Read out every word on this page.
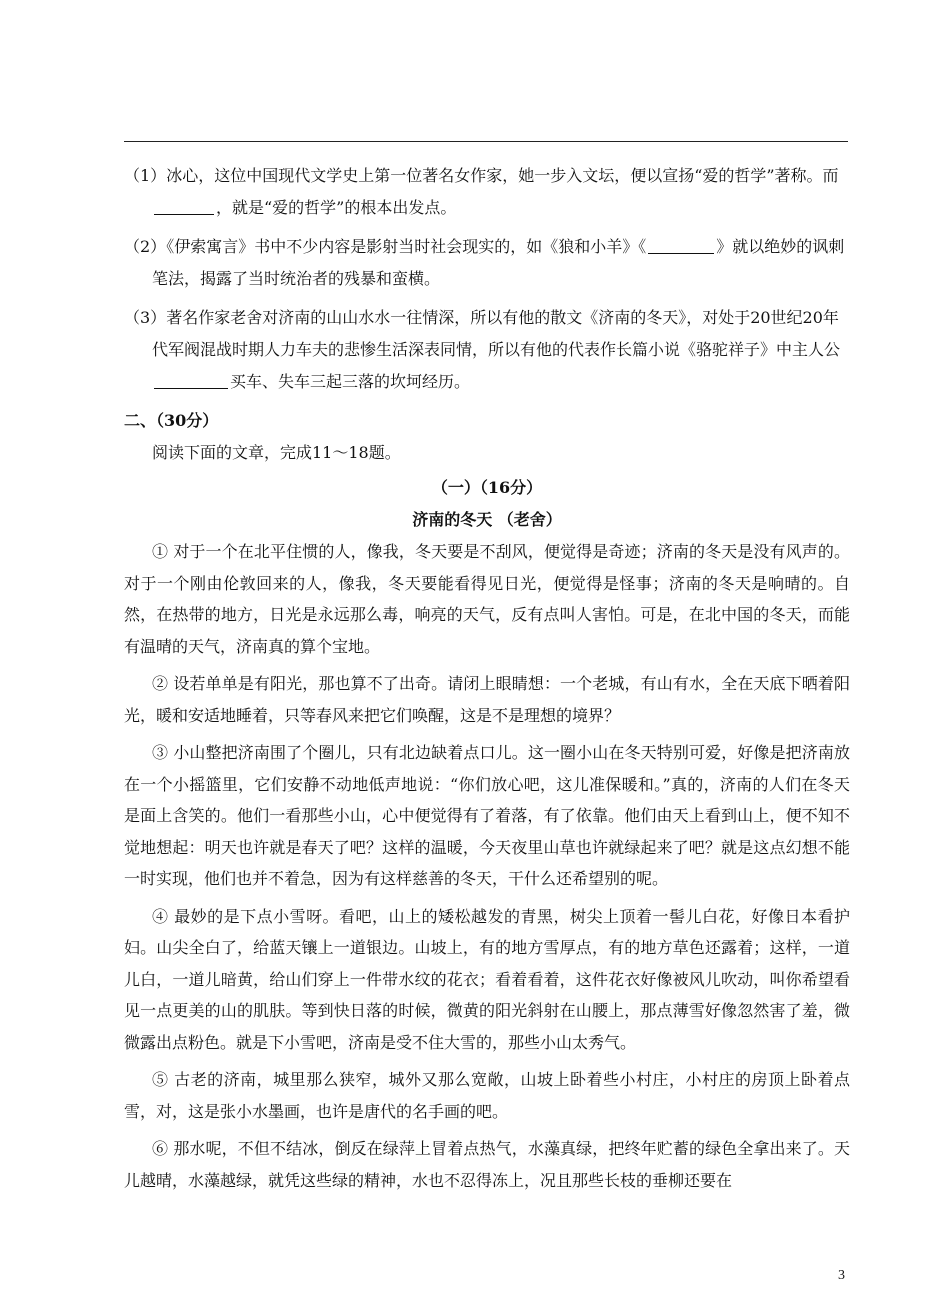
（1）冰心，这位中国现代文学史上第一位著名女作家，她一步入文坛，便以宣扬“爱的哲学”著称。而，就是“爱的哲学”的根本出发点。
（2）《伊索寓言》书中不少内容是影射当时社会现实的，如《狼和小羊》《	》就以绝妙的讽刺笔法，揭露了当时统治者的残暴和蛮横。
（3）著名作家老舍对济南的山山水水一往情深，所以有他的散文《济南的冬天》，对处于20世纪20年代军阀混战时期人力车夫的悲惨生活深表同情，所以有他的代表作长篇小说《骆驼祥子》中主人公买车、失车三起三落的坎坷经历。

二、（30分）

阅读下面的文章，完成11～18题。

（一）（16分）

济南的冬天 （老舍）

① 对于一个在北平住惯的人，像我，冬天要是不刮风，便觉得是奇迹；济南的冬天是没有风声的。对于一个刚由伦敦回来的人，像我，冬天要能看得见日光，便觉得是怪事；济南的冬天是响晴的。自然，在热带的地方，日光是永远那么毒，响亮的天气，反有点叫人害怕。可是，在北中国的冬天，而能有温晴的天气，济南真的算个宝地。

② 设若单单是有阳光，那也算不了出奇。请闭上眼睛想：一个老城，有山有水，全在天底下晒着阳光，暖和安适地睡着，只等春风来把它们唤醒，这是不是理想的境界？

③ 小山整把济南围了个圈儿，只有北边缺着点口儿。这一圈小山在冬天特别可爱，好像是把济南放在一个小摇篮里，它们安静不动地低声地说：“你们放心吧，这儿准保暖和。”真的，济南的人们在冬天是面上含笑的。他们一看那些小山，心中便觉得有了着落，有了依靠。他们由天上看到山上，便不知不觉地想起：明天也许就是春天了吧？这样的温暖，今天夜里山草也许就绿起来了吧？就是这点幻想不能一时实现，他们也并不着急，因为有这样慈善的冬天，干什么还希望别的呢。

④ 最妙的是下点小雪呀。看吧，山上的矮松越发的青黑，树尖上顶着一髻儿白花，好像日本看护妇。山尖全白了，给蓝天镶上一道银边。山坡上，有的地方雪厚点，有的地方草色还露着；这样，一道儿白，一道儿暗黄，给山们穿上一件带水纹的花衣；看着看着，这件花衣好像被风儿吹动，叫你希望看见一点更美的山的肌肤。等到快日落的时候，微黄的阳光斜射在山腰上，那点薄雪好像忽然害了羞，微微露出点粉色。就是下小雪吧，济南是受不住大雪的，那些小山太秀气。

⑤ 古老的济南，城里那么狭窄，城外又那么宽敞，山坡上卧着些小村庄，小村庄的房顶上卧着点雪，对，这是张小水墨画，也许是唐代的名手画的吧。

⑥ 那水呢，不但不结冰，倒反在绿萍上冒着点热气，水藻真绿，把终年贮蓄的绿色全拿出来了。天儿越晴，水藻越绿，就凭这些绿的精神，水也不忍得冻上，况且那些长枝的垂柳还要在

3
